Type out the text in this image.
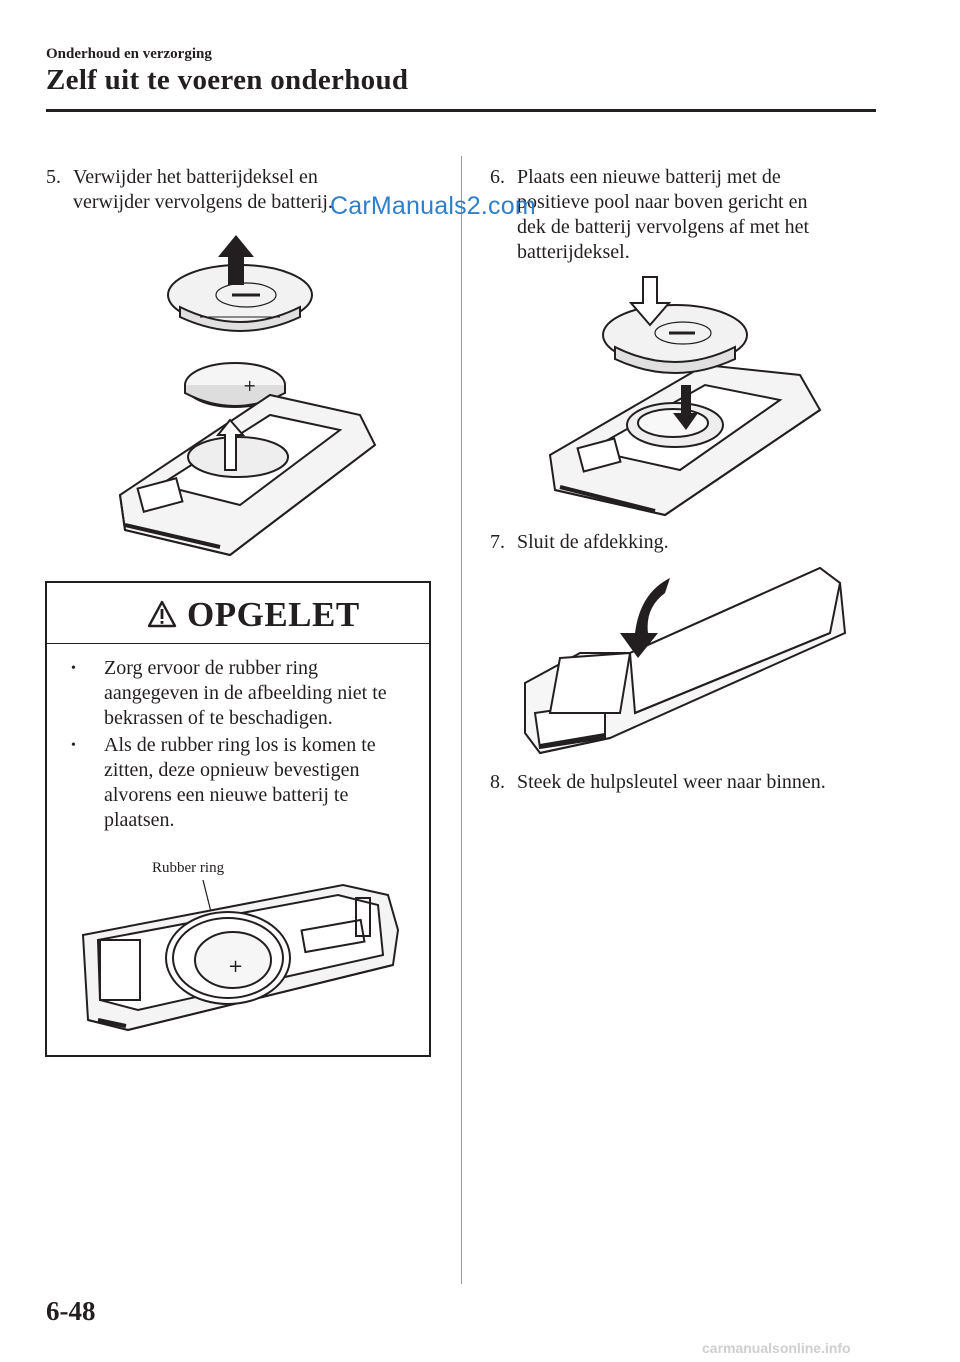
Onderhoud en verzorging
Zelf uit te voeren onderhoud
5. Verwijder het batterijdeksel en
verwijder vervolgens de batterij.
+
OPGELET
• Zorg ervoor de rubber ring
aangegeven in de afbeelding niet te
bekrassen of te beschadigen.
• Als de rubber ring los is komen te
zitten, deze opnieuw bevestigen
alvorens een nieuwe batterij te
plaatsen.
Rubber ring
+
6. Plaats een nieuwe batterij met de
positieve pool naar boven gericht en
dek de batterij vervolgens af met het
batterijdeksel.
7. Sluit de afdekking.
8. Steek de hulpsleutel weer naar binnen.
CarManuals2.com
6-48
carmanualsonline.info
